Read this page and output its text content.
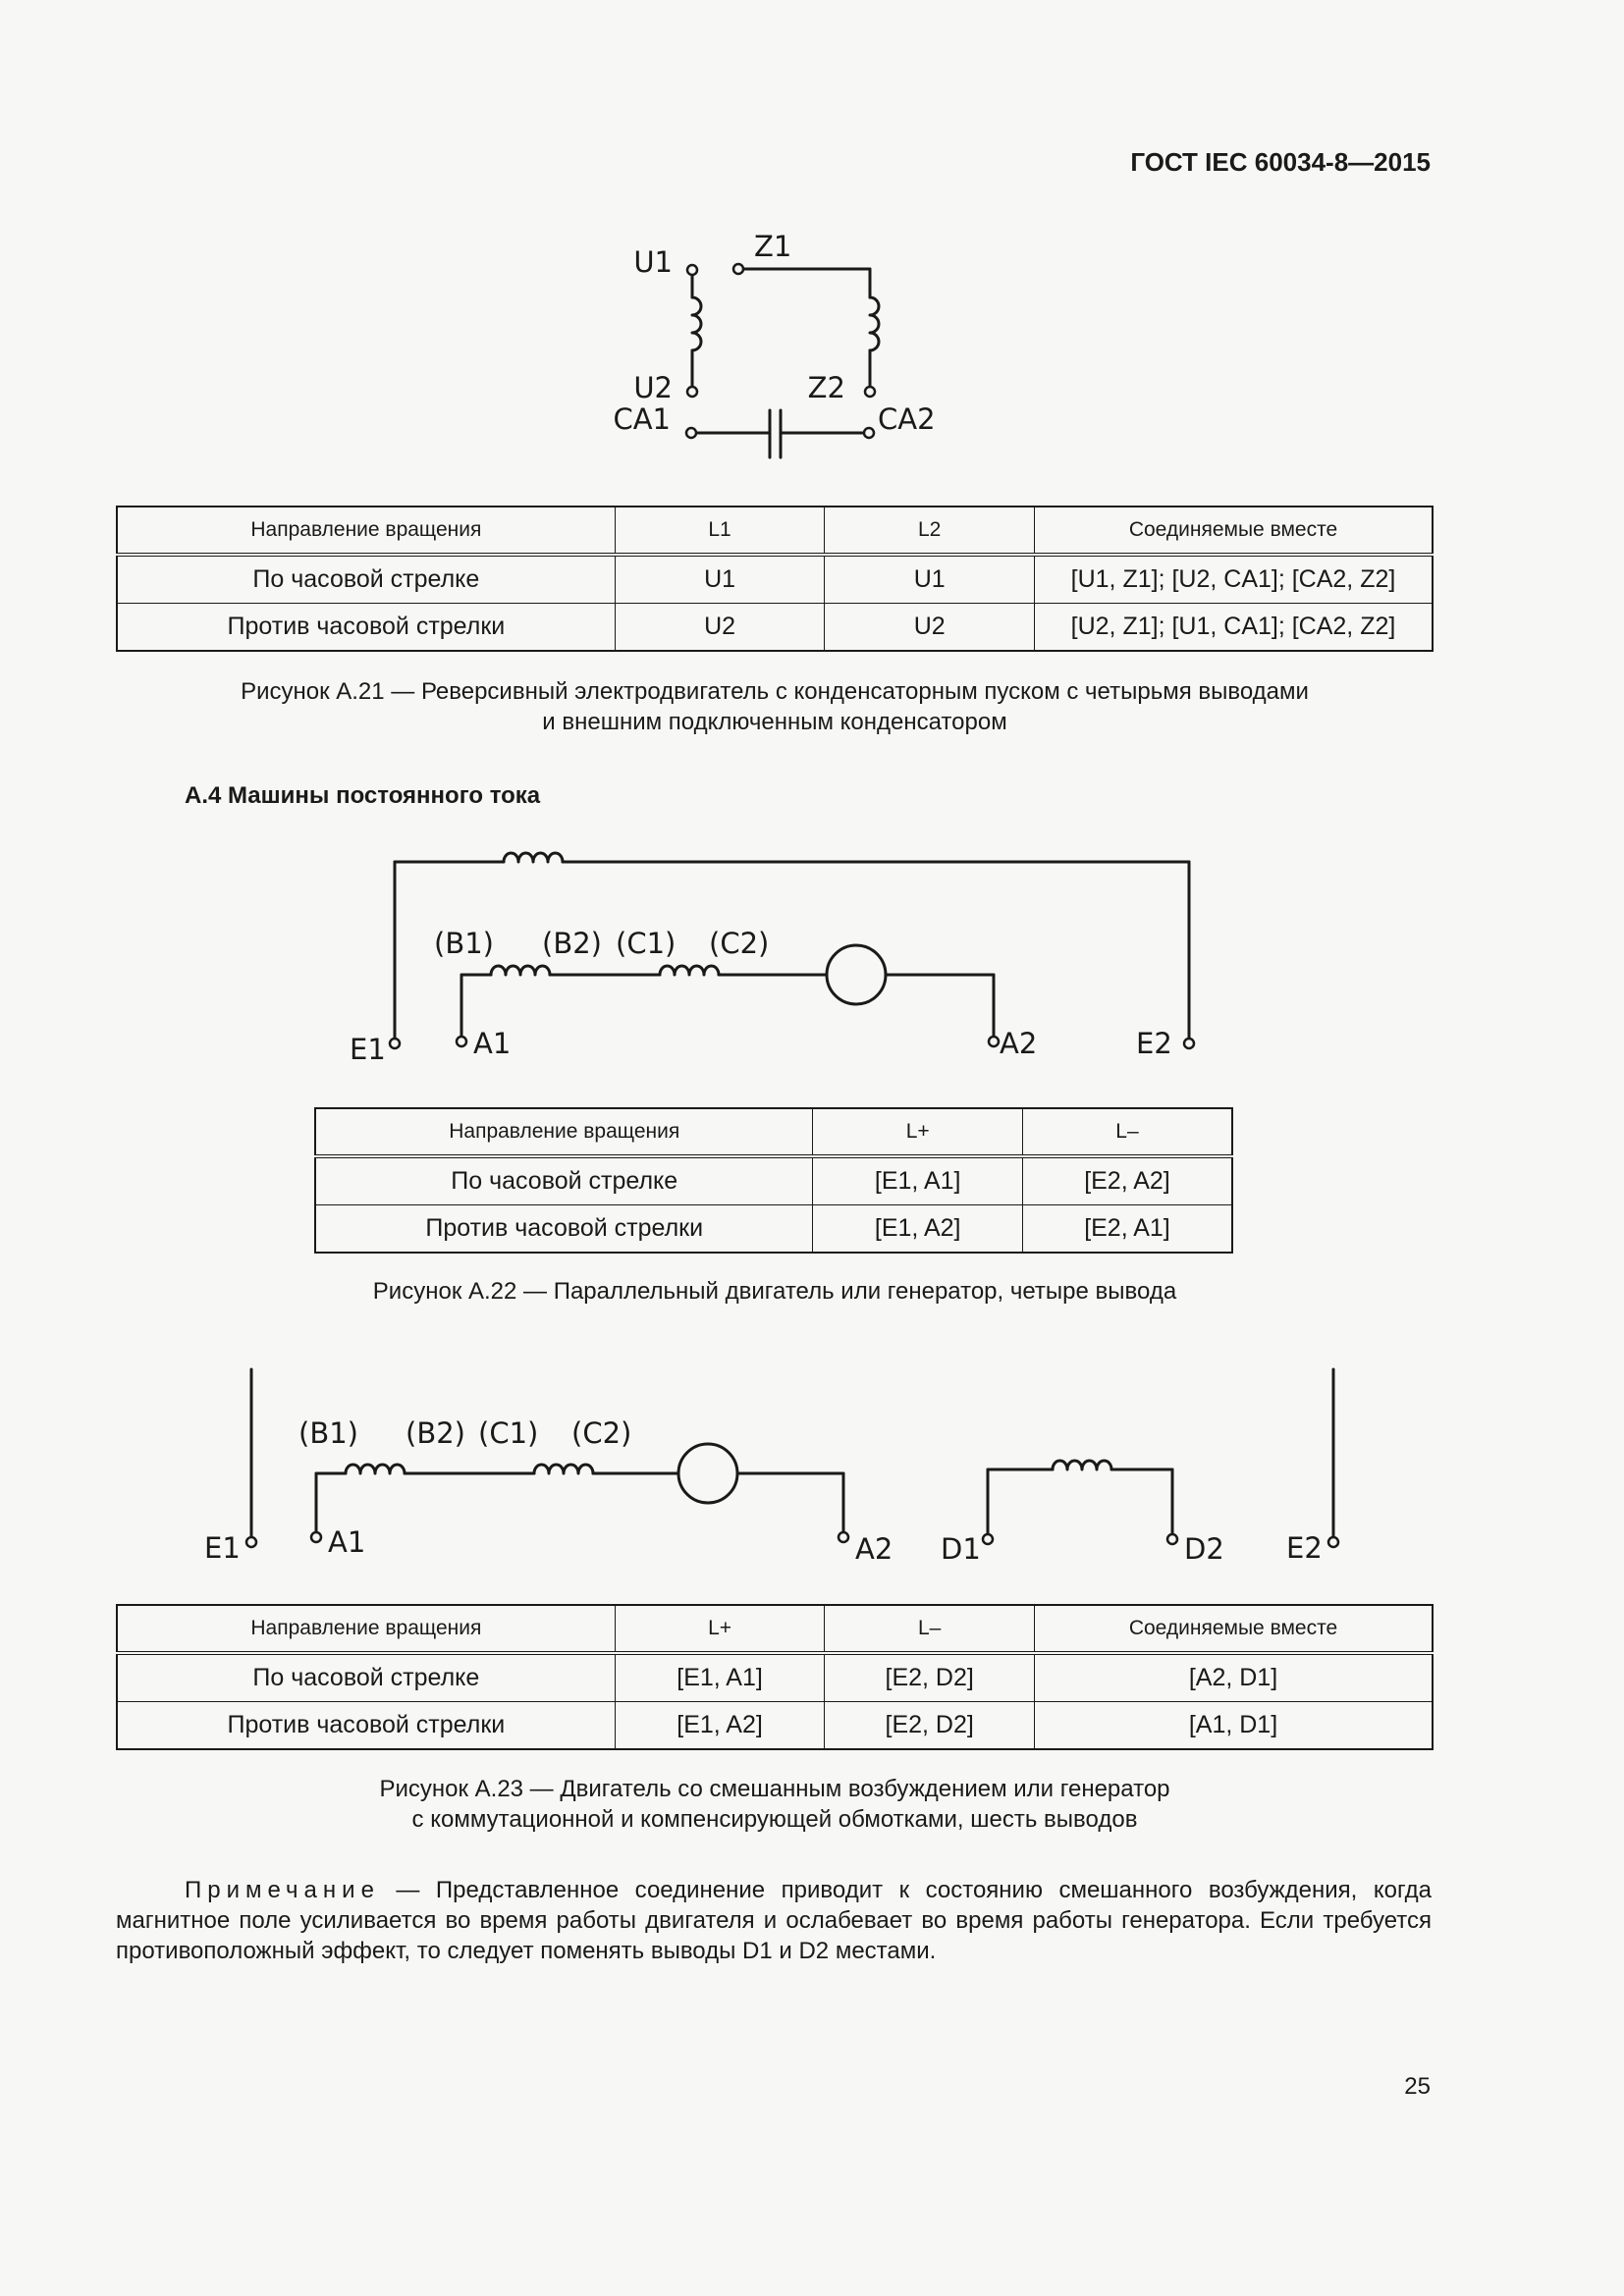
ГОСТ IEC 60034-8—2015
U1	Z1
U2	Z2
CA1	CA2
(B1) (B2) (C1) (C2)
E1	A1	A2	E2
(B1) (B2) (C1) (C2)
E1	A1	A2 D1	D2 E2
Направление вращения	L1	L2	Соединяемые вместе
По часовой стрелке	U1	U1	[U1, Z1]; [U2, CA1]; [CA2, Z2]
Против часовой стрелки	U2	U2	[U2, Z1]; [U1, CA1]; [CA2, Z2]
Рисунок А.21 — Реверсивный электродвигатель с конденсаторным пуском с четырьмя выводами
и внешним подключенным конденсатором
А.4 Машины постоянного тока
Направление вращения	L+	L–
По часовой стрелке	[E1, A1]	[E2, A2]
Против часовой стрелки	[E1, A2]	[E2, A1]
Рисунок А.22 — Параллельный двигатель или генератор, четыре вывода
Направление вращения	L+	L–	Соединяемые вместе
По часовой стрелке	[E1, A1]	[E2, D2]	[A2, D1]
Против часовой стрелки	[E1, A2]	[E2, D2]	[A1, D1]
Рисунок А.23 — Двигатель со смешанным возбуждением или генератор
с коммутационной и компенсирующей обмотками, шесть выводов
Примечание — Представленное соединение приводит к состоянию смешанного возбуждения, когда магнитное поле усиливается во время работы двигателя и ослабевает во время работы генератора. Если требуется противоположный эффект, то следует поменять выводы D1 и D2 местами.
25
